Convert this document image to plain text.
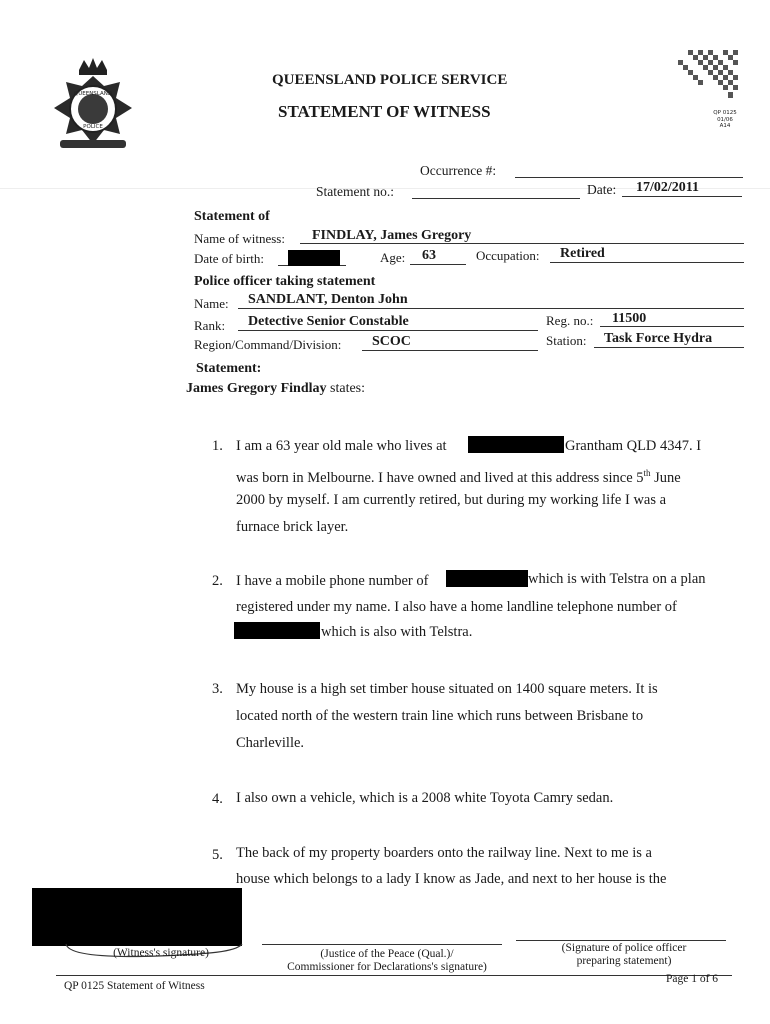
QUEENSLAND
POLICE
QUEENSLAND POLICE SERVICE
STATEMENT OF WITNESS	QP 0125
01/06
A14
Occurrence #:
Statement no.:	Date: 17/02/2011
Statement of
Name of witness: FINDLAY, James Gregory
Date of birth:	Age: 63	Occupation: Retired
Police officer taking statement
Name: SANDLANT, Denton John
Rank: Detective Senior Constable	Reg. no.: 11500
Region/Command/Division: SCOC	Station: Task Force Hydra
Statement:
James Gregory Findlay states:
1. I am a 63 year old male who lives at	Grantham QLD 4347. I
was born in Melbourne. I have owned and lived at this address since 5th June
2000 by myself. I am currently retired, but during my working life I was a
furnace brick layer.
2. I have a mobile phone number of	which is with Telstra on a plan
registered under my name. I also have a home landline telephone number of
which is also with Telstra.
3. My house is a high set timber house situated on 1400 square meters. It is
located north of the western train line which runs between Brisbane to
Charleville.
4. I also own a vehicle, which is a 2008 white Toyota Camry sedan.
5. The back of my property boarders onto the railway line. Next to me is a
house which belongs to a lady I know as Jade, and next to her house is the
(Witness's signature)	(Justice of the Peace (Qual.)/
Commissioner for Declarations's signature)
(Signature of police officer
preparing statement)
QP 0125 Statement of Witness
Page 1 of 6
